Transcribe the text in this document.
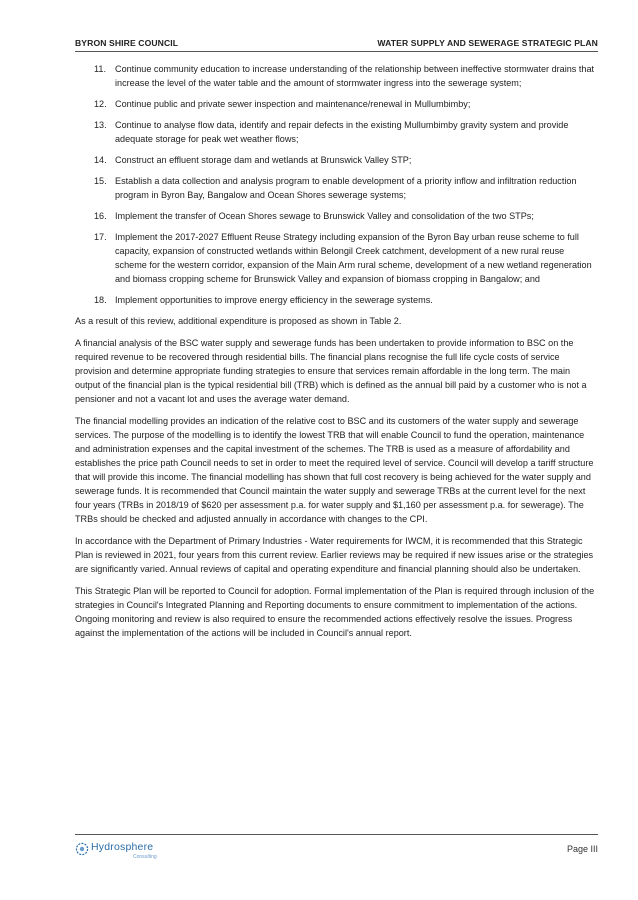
BYRON SHIRE COUNCIL	WATER SUPPLY AND SEWERAGE STRATEGIC PLAN
11. Continue community education to increase understanding of the relationship between ineffective stormwater drains that increase the level of the water table and the amount of stormwater ingress into the sewerage system;
12. Continue public and private sewer inspection and maintenance/renewal in Mullumbimby;
13. Continue to analyse flow data, identify and repair defects in the existing Mullumbimby gravity system and provide adequate storage for peak wet weather flows;
14. Construct an effluent storage dam and wetlands at Brunswick Valley STP;
15. Establish a data collection and analysis program to enable development of a priority inflow and infiltration reduction program in Byron Bay, Bangalow and Ocean Shores sewerage systems;
16. Implement the transfer of Ocean Shores sewage to Brunswick Valley and consolidation of the two STPs;
17. Implement the 2017-2027 Effluent Reuse Strategy including expansion of the Byron Bay urban reuse scheme to full capacity, expansion of constructed wetlands within Belongil Creek catchment, development of a new rural reuse scheme for the western corridor, expansion of the Main Arm rural scheme, development of a new wetland regeneration and biomass cropping scheme for Brunswick Valley and expansion of biomass cropping in Bangalow; and
18. Implement opportunities to improve energy efficiency in the sewerage systems.

As a result of this review, additional expenditure is proposed as shown in Table 2.

A financial analysis of the BSC water supply and sewerage funds has been undertaken to provide information to BSC on the required revenue to be recovered through residential bills. The financial plans recognise the full life cycle costs of service provision and determine appropriate funding strategies to ensure that services remain affordable in the long term. The main output of the financial plan is the typical residential bill (TRB) which is defined as the annual bill paid by a customer who is not a pensioner and not a vacant lot and uses the average water demand.

The financial modelling provides an indication of the relative cost to BSC and its customers of the water supply and sewerage services. The purpose of the modelling is to identify the lowest TRB that will enable Council to fund the operation, maintenance and administration expenses and the capital investment of the schemes. The TRB is used as a measure of affordability and establishes the price path Council needs to set in order to meet the required level of service. Council will develop a tariff structure that will provide this income. The financial modelling has shown that full cost recovery is being achieved for the water supply and sewerage funds. It is recommended that Council maintain the water supply and sewerage TRBs at the current level for the next four years (TRBs in 2018/19 of $620 per assessment p.a. for water supply and $1,160 per assessment p.a. for sewerage). The TRBs should be checked and adjusted annually in accordance with changes to the CPI.

In accordance with the Department of Primary Industries - Water requirements for IWCM, it is recommended that this Strategic Plan is reviewed in 2021, four years from this current review. Earlier reviews may be required if new issues arise or the strategies are significantly varied. Annual reviews of capital and operating expenditure and financial planning should also be undertaken.

This Strategic Plan will be reported to Council for adoption. Formal implementation of the Plan is required through inclusion of the strategies in Council's Integrated Planning and Reporting documents to ensure commitment to implementation of the actions. Ongoing monitoring and review is also required to ensure the recommended actions effectively resolve the issues. Progress against the implementation of the actions will be included in Council's annual report.

Hydrosphere
Consulting
Page III
